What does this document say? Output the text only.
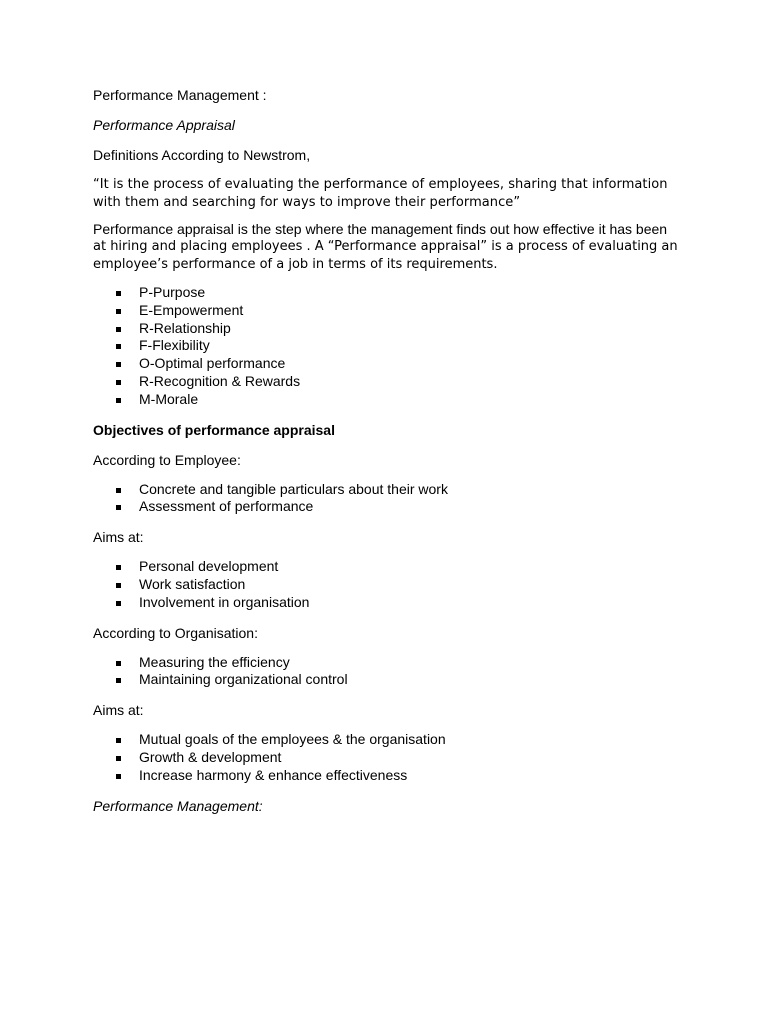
Performance Management :

Performance Appraisal

Definitions According to Newstrom,

“It is the process of evaluating the performance of employees, sharing that information with them and searching for ways to improve their performance”

Performance appraisal is the step where the management finds out how effective it has been

at hiring and placing employees . A “Performance appraisal” is a process of evaluating an

employee’s performance of a job in terms of its requirements.

P-Purpose
E-Empowerment
R-Relationship
F-Flexibility
O-Optimal performance
R-Recognition & Rewards
M-Morale

Objectives of performance appraisal

According to Employee:

Concrete and tangible particulars about their work
Assessment of performance

Aims at:

Personal development
Work satisfaction
Involvement in organisation

According to Organisation:

Measuring the efficiency
Maintaining organizational control

Aims at:

Mutual goals of the employees & the organisation
Growth & development
Increase harmony & enhance effectiveness

Performance Management:
